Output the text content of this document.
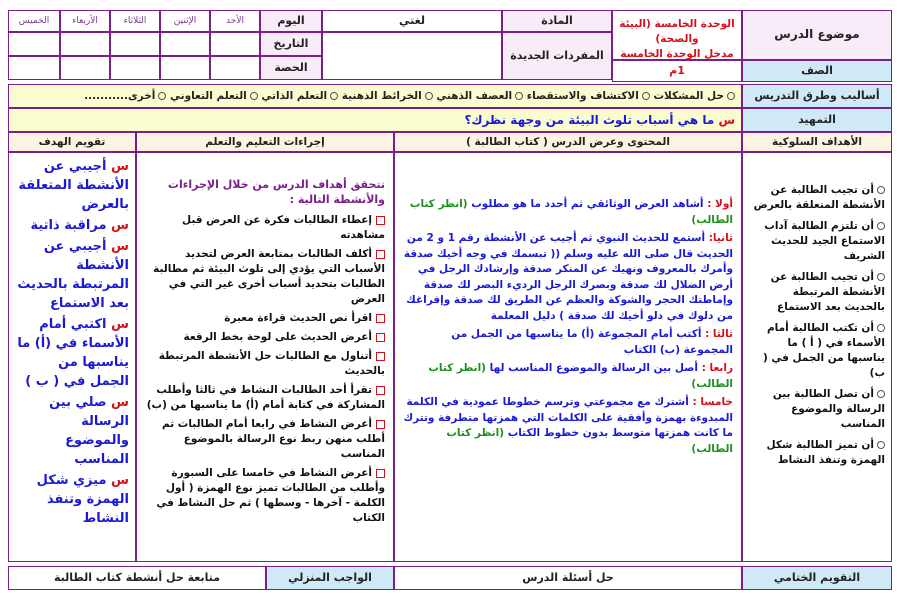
موضوع الدرس
الوحدة الخامسة (البيئة والصحة)
مدخل الوحدة الخامسة
المادة
لغتي
اليوم
المفردات الجديدة
التاريخ
الحصة
الأحد
الإثنين
الثلاثاء
الأربعاء
الخميس
الصف
1م
أساليب وطرق التدريس
حل المشكلات الاكتشاف والاستقصاء العصف الذهني الخرائط الذهنية التعلم الذاتي التعلم التعاوني أخرى...........
التمهيد
س ما هي أسباب تلوث البيئة من وجهة نظرك؟
الأهداف السلوكية
المحتوى وعرض الدرس ( كتاب الطالبة )
إجراءات التعليم والتعلم
تقويم الهدف

أن تجيب الطالبة عن الأنشطة المتعلقة بالعرض

أن تلتزم الطالبة آداب الاستماع الجيد للحديث الشريف

أن تجيب الطالبة عن الأنشطة المرتبطة بالحديث بعد الاستماع

أن تكتب الطالبة أمام الأسماء في ( أ ) ما يناسبها من الجمل في ( ب)

أن تصل الطالبة بين الرسالة والموضوع المناسب

أن تميز الطالبة شكل الهمزة وتنفذ النشاط

أولا : أشاهد العرض الوثائقي ثم أحدد ما هو مطلوب (انظر كتاب الطالب)

ثانيا: أستمع للحديث النبوي ثم أجيب عن الأنشطة رقم 1 و 2 من الحديث قال صلى الله عليه وسلم (( تبسمك في وجه أخيك صدقة وأمرك بالمعروف ونهيك عن المنكر صدقة وإرشادك الرجل في أرض الضلال لك صدقة وبصرك الرجل الرديء البصر لك صدقة وإماطتك الحجر والشوكة والعظم عن الطريق لك صدقة وإفراغك من دلوك في دلو أخيك لك صدقة ) دليل المعلمة

ثالثا : أكتب أمام المجموعة (أ) ما يناسبها من الجمل من المجموعة (ب) الكتاب

رابعا : أصل بين الرسالة والموضوع المناسب لها (انظر كتاب الطالب)

خامسا : أشترك مع مجموعتي وترسم خطوطا عمودية في الكلمة المبدوءة بهمزة وأفقية على الكلمات التي همزتها متطرفة وتترك ما كانت همزتها متوسط بدون خطوط الكتاب (انظر كتاب الطالب)

تتحقق أهداف الدرس من خلال الإجراءات والأنشطة التالية :

إعطاء الطالبات فكرة عن العرض قبل مشاهدته

أكلف الطالبات بمتابعة العرض لتحديد الأسباب التي يؤدي إلى تلوث البيئة ثم مطالبة الطالبات بتحديد أسباب أخرى غير التي في العرض

اقرأ نص الحديث قراءة معبرة

أعرض الحديث على لوحة بخط الرقعة

أتناول مع الطالبات حل الأنشطة المرتبطة بالحديث

تقرأ أحد الطالبات النشاط في ثالثا وأطلب المشاركة في كتابة أمام (أ) ما يناسبها من (ب)

أعرض النشاط في رابعا أمام الطالبات ثم أطلب منهن ربط نوع الرسالة بالموضوع المناسب

أعرض النشاط في خامسا على السبورة وأطلب من الطالبات تميز نوع الهمزة ( أول الكلمة - آخرها - وسطها ) ثم حل النشاط في الكتاب

س أجيبي عن الأنشطة المتعلقة بالعرض

س مراقبة ذاتية

س أجيبي عن الأنشطة المرتبطة بالحديث بعد الاستماع

س اكتبي أمام الأسماء في (أ) ما يناسبها من الجمل في ( ب )

س صلي بين الرسالة والموضوع المناسب

س ميزي شكل الهمزة وتنفذ النشاط

التقويم الختامي
حل أسئلة الدرس
الواجب المنزلي
متابعة حل أنشطة كتاب الطالبة
